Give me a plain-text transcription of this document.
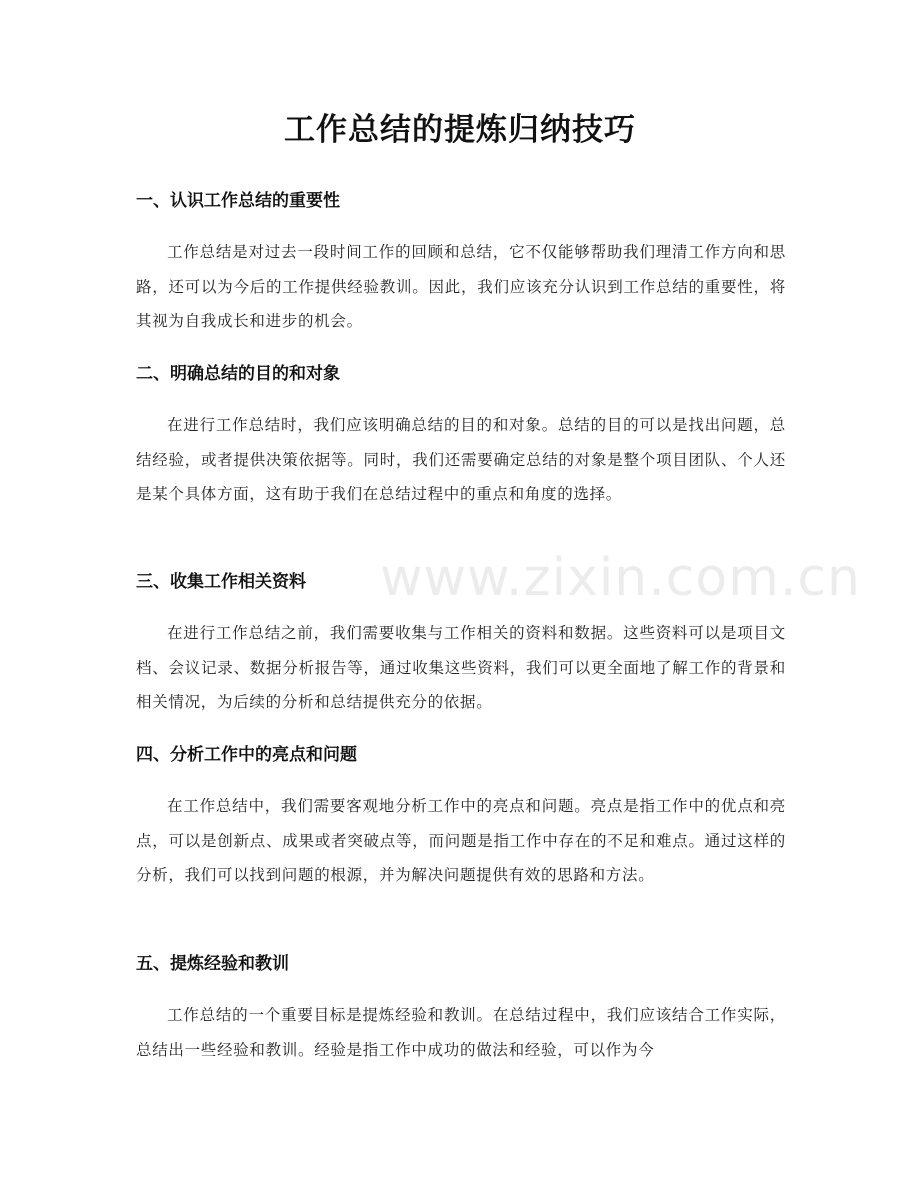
工作总结的提炼归纳技巧
一、认识工作总结的重要性

工作总结是对过去一段时间工作的回顾和总结，它不仅能够帮助我们理清工作方向和思路，还可以为今后的工作提供经验教训。因此，我们应该充分认识到工作总结的重要性，将其视为自我成长和进步的机会。

二、明确总结的目的和对象

在进行工作总结时，我们应该明确总结的目的和对象。总结的目的可以是找出问题，总结经验，或者提供决策依据等。同时，我们还需要确定总结的对象是整个项目团队、个人还是某个具体方面，这有助于我们在总结过程中的重点和角度的选择。

三、收集工作相关资料

在进行工作总结之前，我们需要收集与工作相关的资料和数据。这些资料可以是项目文档、会议记录、数据分析报告等，通过收集这些资料，我们可以更全面地了解工作的背景和相关情况，为后续的分析和总结提供充分的依据。

四、分析工作中的亮点和问题

在工作总结中，我们需要客观地分析工作中的亮点和问题。亮点是指工作中的优点和亮点，可以是创新点、成果或者突破点等，而问题是指工作中存在的不足和难点。通过这样的分析，我们可以找到问题的根源，并为解决问题提供有效的思路和方法。

五、提炼经验和教训

工作总结的一个重要目标是提炼经验和教训。在总结过程中，我们应该结合工作实际，总结出一些经验和教训。经验是指工作中成功的做法和经验，可以作为今

www.zixin.com.cn
